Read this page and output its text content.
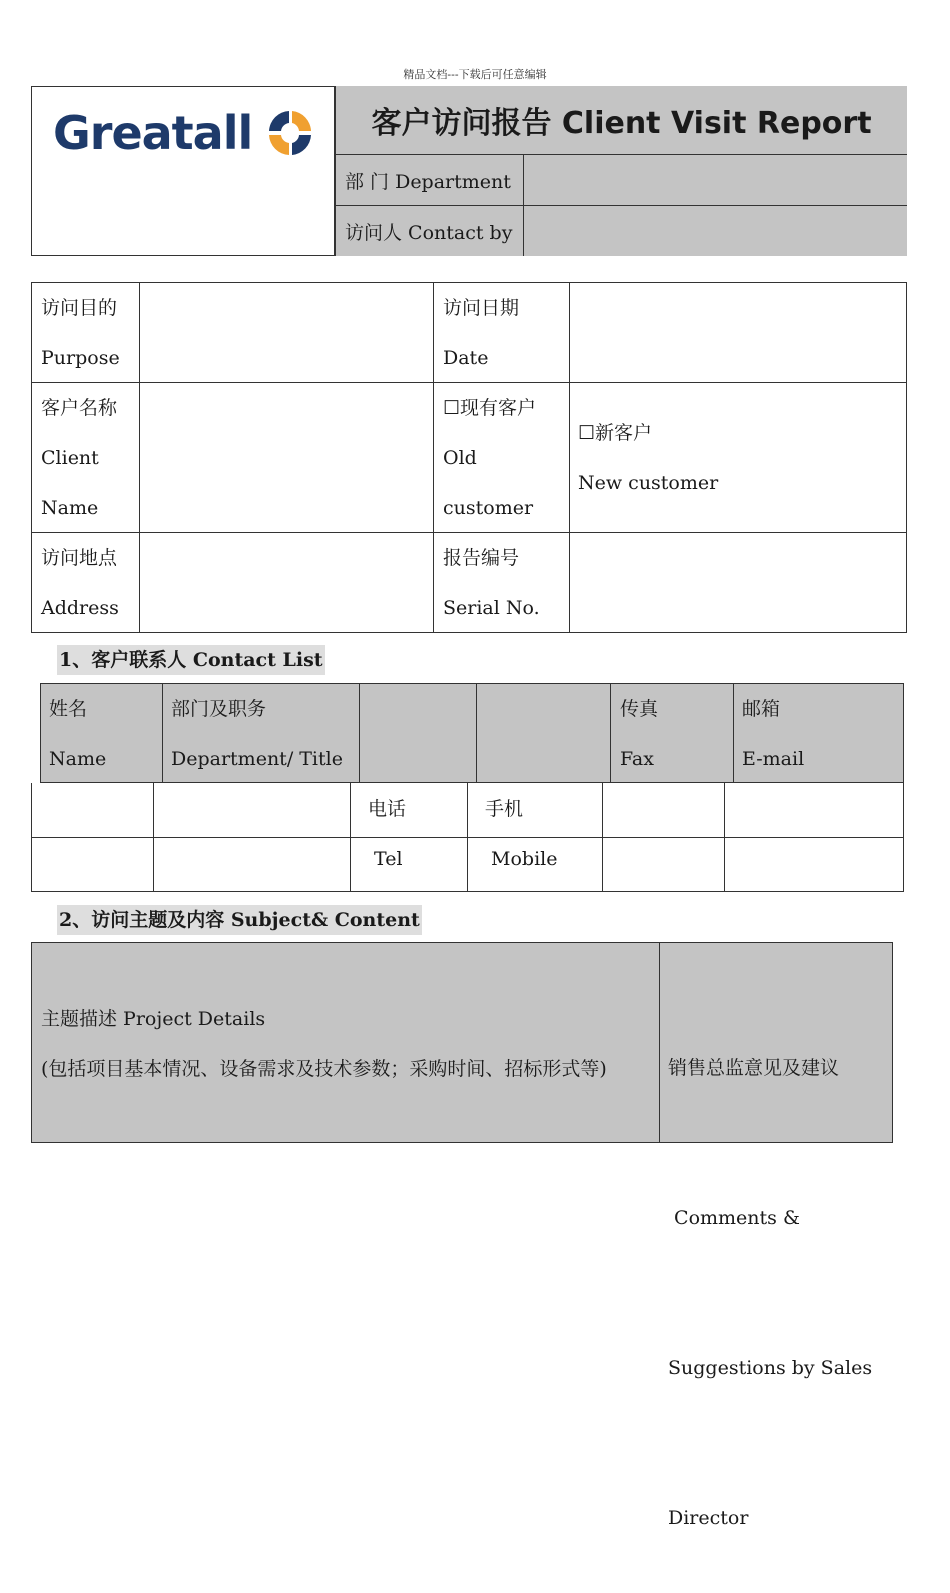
精品文档---下载后可任意编辑
Greatall	客户访问报告 Client Visit Report
部 门 Department
访问人 Contact by
访问目的
Purpose
访问日期
Date
客户名称
Client
Name
☐现有客户
Old
customer
☐新客户
New customer
访问地点
Address
报告编号
Serial No.
1、客户联系人 Contact List
姓名
Name
部门及职务
Department/ Title

电话
Tel

手机
Mobile

传真
Fax
邮箱
E-mail
2、访问主题及内容 Subject& Content
主题描述 Project Details
(包括项目基本情况、设备需求及技术参数；采购时间、招标形式等)

	销售总监意见及建议

Comments &

Suggestions by Sales

Director
